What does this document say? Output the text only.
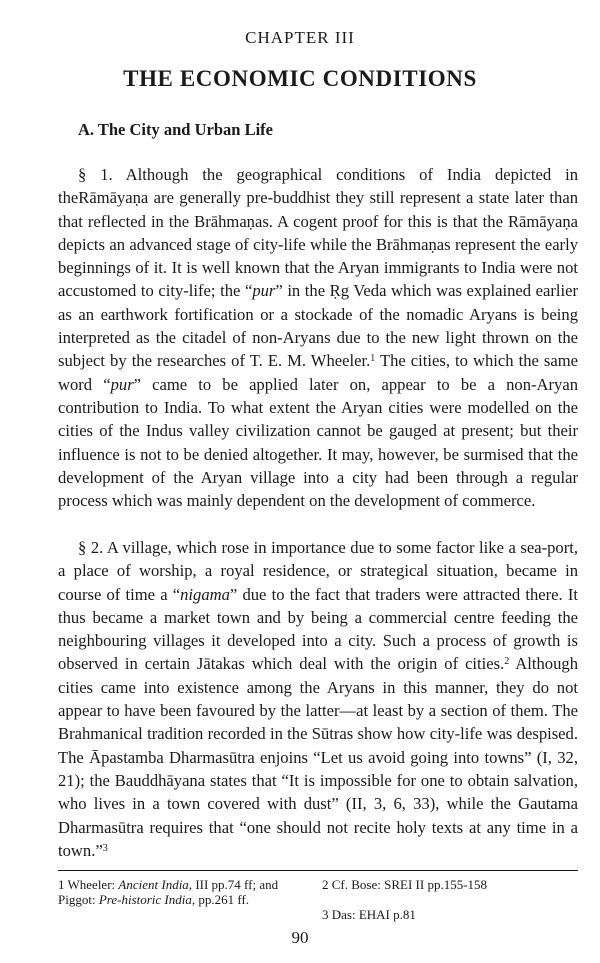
CHAPTER III
THE ECONOMIC CONDITIONS
A. The City and Urban Life

§ 1. Although the geographical conditions of India depicted in theRāmāyaṇa are generally pre-buddhist they still represent a state later than that reflected in the Brāhmaṇas. A cogent proof for this is that the Rāmāyaṇa depicts an advanced stage of city-life while the Brāhmaṇas represent the early beginnings of it. It is well known that the Aryan immigrants to India were not accustomed to city-life; the “pur” in the Ṛg Veda which was explained earlier as an earthwork fortification or a stockade of the nomadic Aryans is being interpreted as the citadel of non-Aryans due to the new light thrown on the subject by the researches of T. E. M. Wheeler.$^1$ The cities, to which the same word “pur” came to be applied later on, appear to be a non-Aryan contribution to India. To what extent the Aryan cities were modelled on the cities of the Indus valley civilization cannot be gauged at present; but their influence is not to be denied altogether. It may, however, be surmised that the development of the Aryan village into a city had been through a regular process which was mainly dependent on the development of commerce.

§ 2. A village, which rose in importance due to some factor like a sea-port, a place of worship, a royal residence, or strategical situation, became in course of time a “nigama” due to the fact that traders were attracted there. It thus became a market town and by being a commercial centre feeding the neighbouring villages it developed into a city. Such a process of growth is observed in certain Jātakas which deal with the origin of cities.$^2$ Although cities came into existence among the Aryans in this manner, they do not appear to have been favoured by the latter—at least by a section of them. The Brahmanical tradition recorded in the Sūtras show how city-life was despised. The Āpastamba Dharmasūtra enjoins “Let us avoid going into towns” (I, 32, 21); the Bauddhāyana states that “It is impossible for one to obtain salvation, who lives in a town covered with dust” (II, 3, 6, 33), while the Gautama Dharmasūtra requires that “one should not recite holy texts at any time in a town.”$^3$

1 Wheeler: Ancient India, III pp.74 ff; and Piggot: Pre-historic India, pp.261 ff.
2 Cf. Bose: SREI II pp.155-158
3 Das: EHAI p.81
90
